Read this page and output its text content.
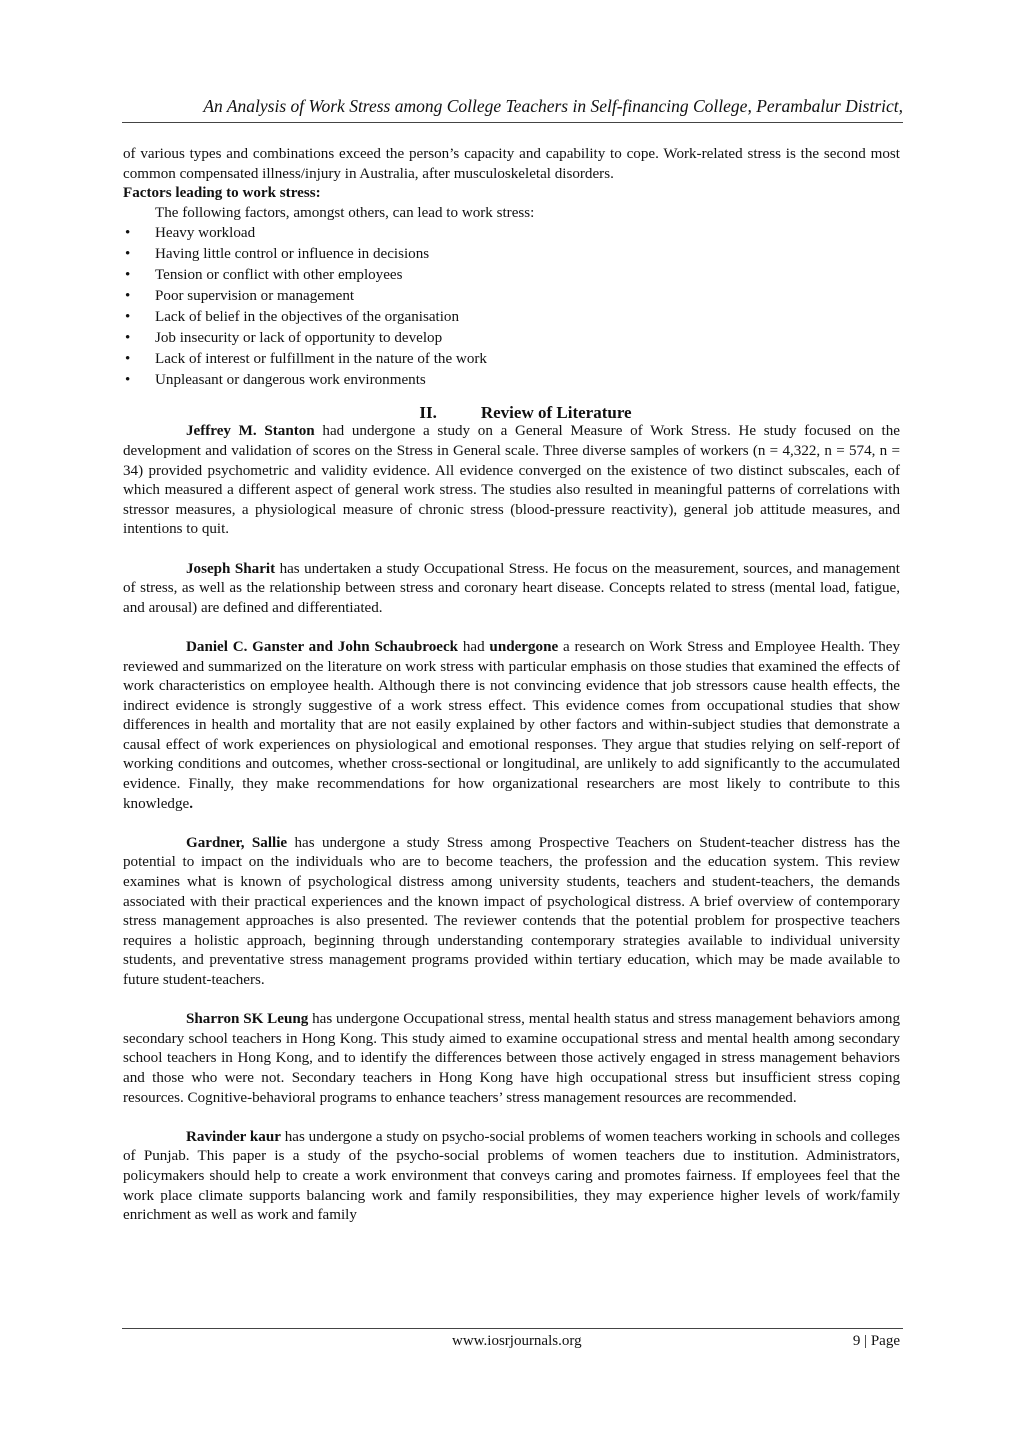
An Analysis of Work Stress among College Teachers in Self-financing College, Perambalur District,

of various types and combinations exceed the person’s capacity and capability to cope. Work-related stress is the second most common compensated illness/injury in Australia, after musculoskeletal disorders.

Factors leading to work stress:

The following factors, amongst others, can lead to work stress:

• Heavy workload
• Having little control or influence in decisions
• Tension or conflict with other employees
• Poor supervision or management
• Lack of belief in the objectives of the organisation
• Job insecurity or lack of opportunity to develop
• Lack of interest or fulfillment in the nature of the work
• Unpleasant or dangerous work environments
II.	Review of Literature

Jeffrey M. Stanton had undergone a study on a General Measure of Work Stress. He study focused on the development and validation of scores on the Stress in General scale. Three diverse samples of workers (n = 4,322, n = 574, n = 34) provided psychometric and validity evidence. All evidence converged on the existence of two distinct subscales, each of which measured a different aspect of general work stress. The studies also resulted in meaningful patterns of correlations with stressor measures, a physiological measure of chronic stress (blood-pressure reactivity), general job attitude measures, and intentions to quit.

Joseph Sharit has undertaken a study Occupational Stress. He focus on the measurement, sources, and management of stress, as well as the relationship between stress and coronary heart disease. Concepts related to stress (mental load, fatigue, and arousal) are defined and differentiated.

Daniel C. Ganster and John Schaubroeck had undergone a research on Work Stress and Employee Health. They reviewed and summarized on the literature on work stress with particular emphasis on those studies that examined the effects of work characteristics on employee health. Although there is not convincing evidence that job stressors cause health effects, the indirect evidence is strongly suggestive of a work stress effect. This evidence comes from occupational studies that show differences in health and mortality that are not easily explained by other factors and within-subject studies that demonstrate a causal effect of work experiences on physiological and emotional responses. They argue that studies relying on self-report of working conditions and outcomes, whether cross-sectional or longitudinal, are unlikely to add significantly to the accumulated evidence. Finally, they make recommendations for how organizational researchers are most likely to contribute to this knowledge.

Gardner, Sallie has undergone a study Stress among Prospective Teachers on Student-teacher distress has the potential to impact on the individuals who are to become teachers, the profession and the education system. This review examines what is known of psychological distress among university students, teachers and student-teachers, the demands associated with their practical experiences and the known impact of psychological distress. A brief overview of contemporary stress management approaches is also presented. The reviewer contends that the potential problem for prospective teachers requires a holistic approach, beginning through understanding contemporary strategies available to individual university students, and preventative stress management programs provided within tertiary education, which may be made available to future student-teachers.

Sharron SK Leung has undergone Occupational stress, mental health status and stress management behaviors among secondary school teachers in Hong Kong. This study aimed to examine occupational stress and mental health among secondary school teachers in Hong Kong, and to identify the differences between those actively engaged in stress management behaviors and those who were not. Secondary teachers in Hong Kong have high occupational stress but insufficient stress coping resources. Cognitive-behavioral programs to enhance teachers’ stress management resources are recommended.

Ravinder kaur has undergone a study on psycho-social problems of women teachers working in schools and colleges of Punjab. This paper is a study of the psycho-social problems of women teachers due to institution. Administrators, policymakers should help to create a work environment that conveys caring and promotes fairness. If employees feel that the work place climate supports balancing work and family responsibilities, they may experience higher levels of work/family enrichment as well as work and family

www.iosrjournals.org	9 | Page
